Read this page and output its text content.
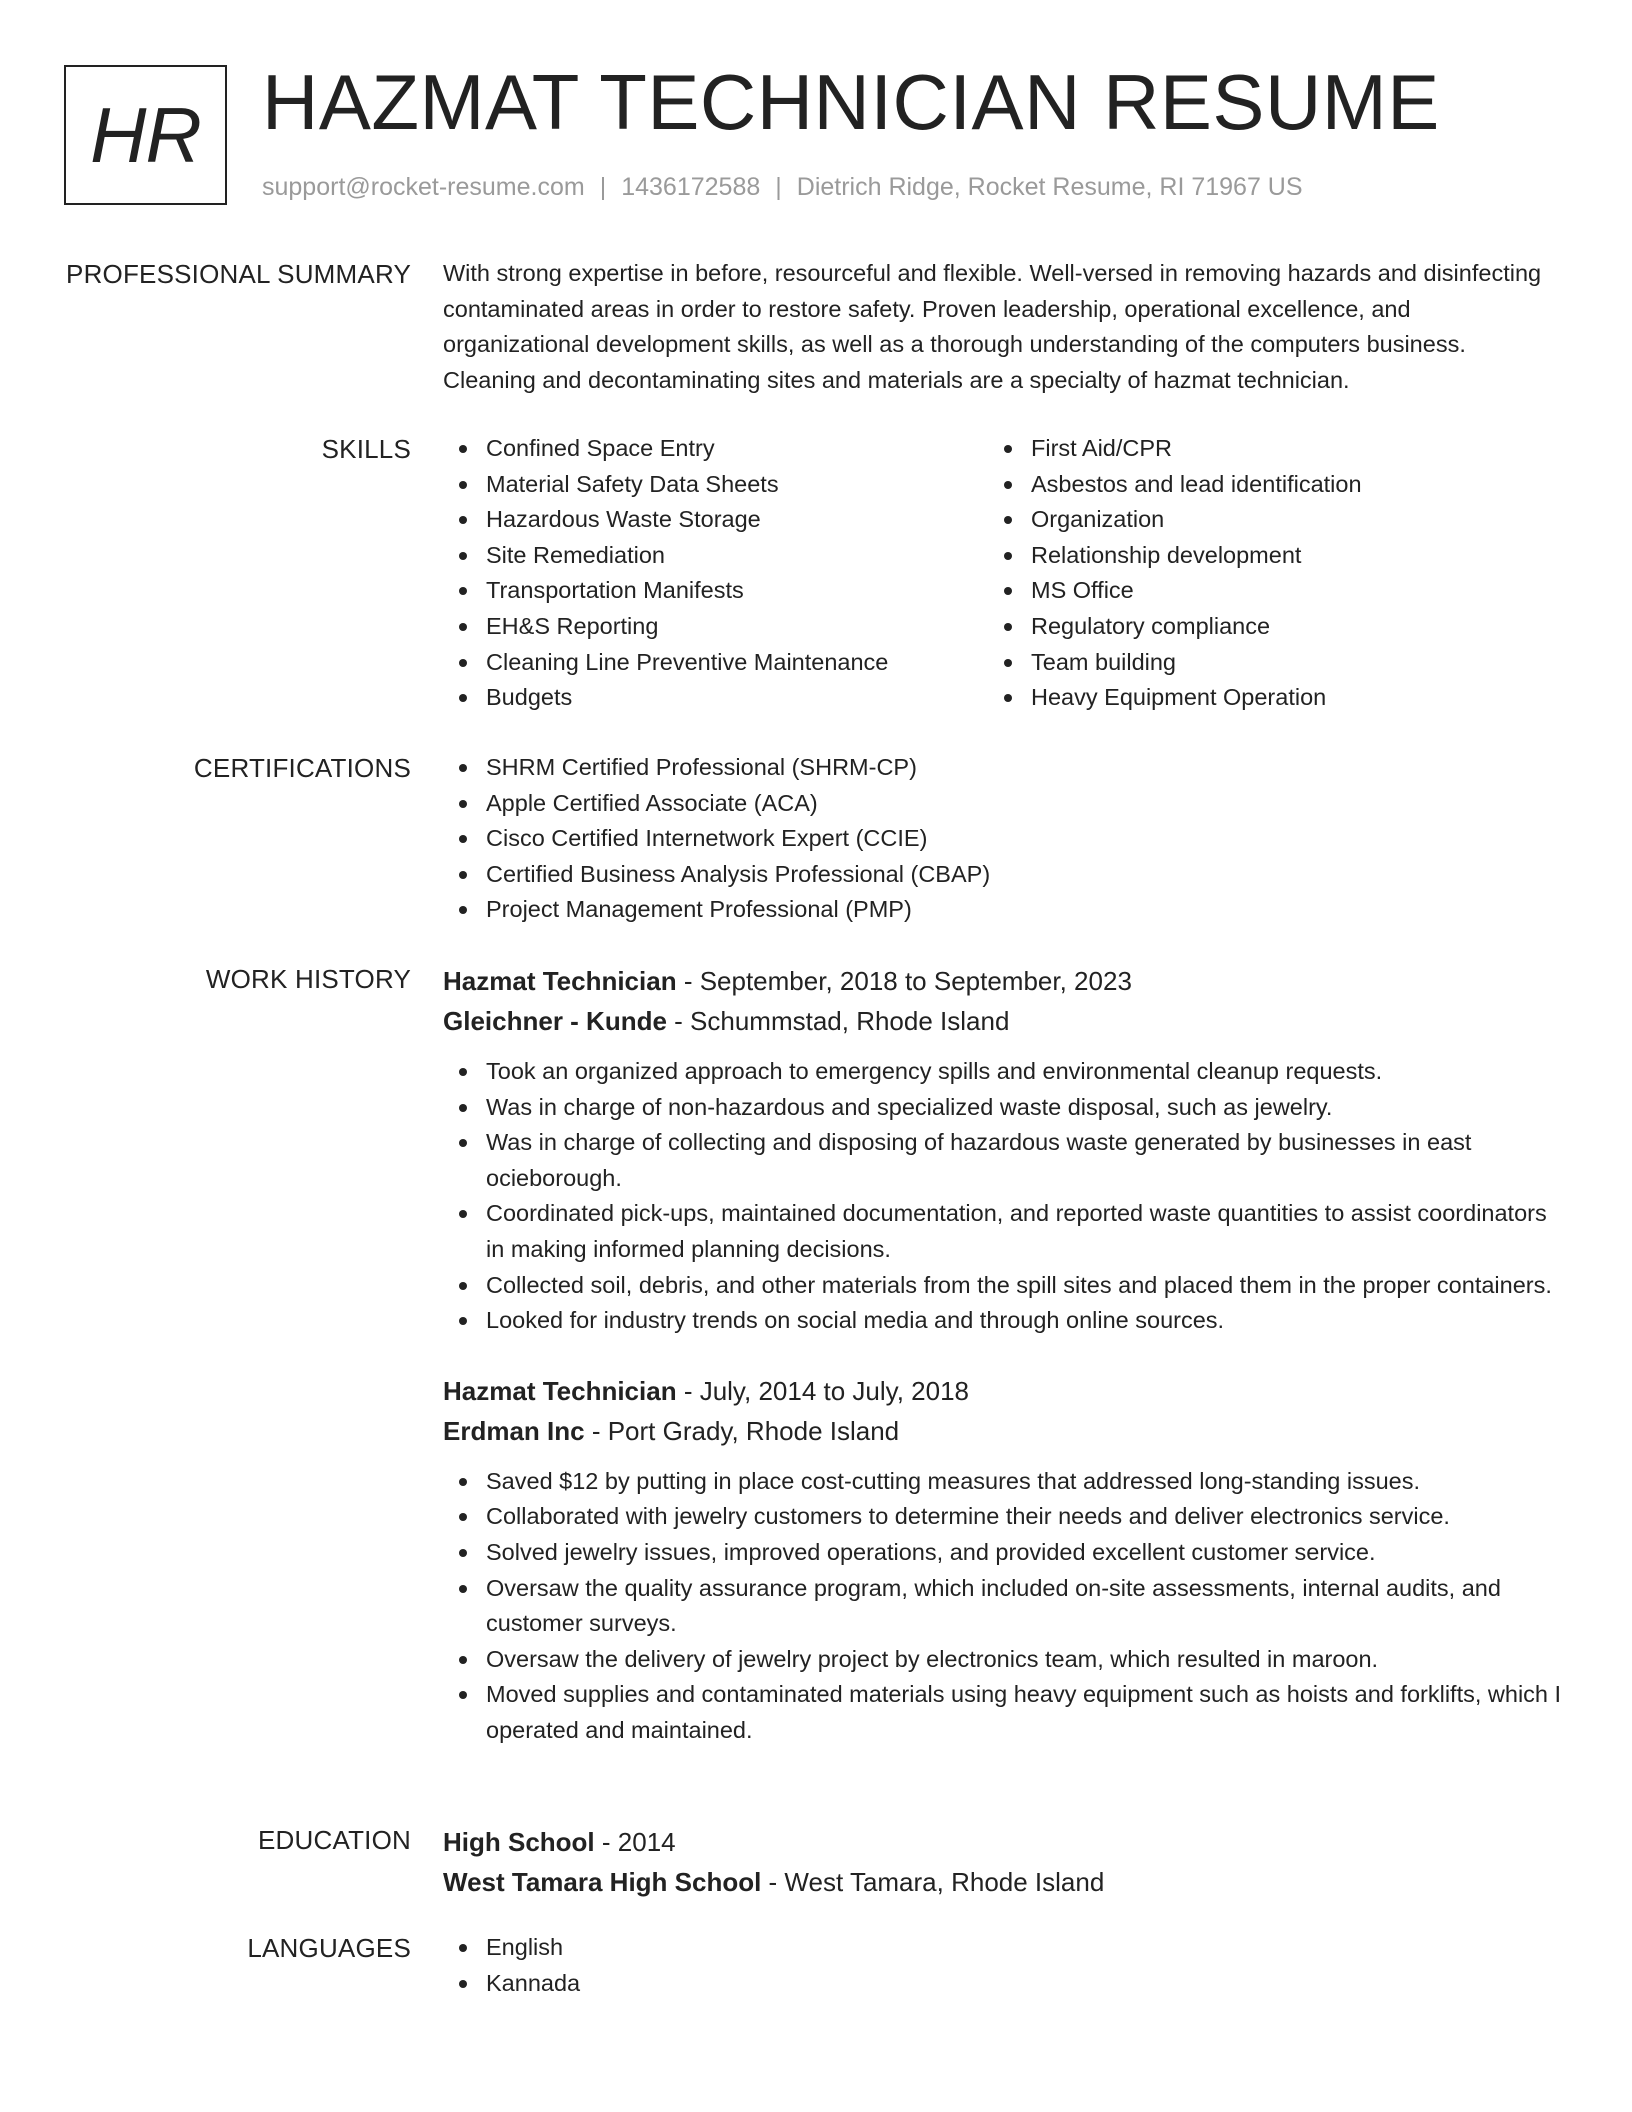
HR HAZMAT TECHNICIAN RESUME
support@rocket-resume.com | 1436172588 | Dietrich Ridge, Rocket Resume, RI 71967 US
PROFESSIONAL SUMMARY With strong expertise in before, resourceful and flexible. Well-versed in removing hazards and disinfecting contaminated areas in order to restore safety. Proven leadership, operational excellence, and organizational development skills, as well as a thorough understanding of the computers business. Cleaning and decontaminating sites and materials are a specialty of hazmat technician.

SKILLS	Confined Space Entry
Material Safety Data Sheets
Hazardous Waste Storage
Site Remediation
Transportation Manifests
EH&S Reporting
Cleaning Line Preventive Maintenance
Budgets
First Aid/CPR
Asbestos and lead identification
Organization
Relationship development
MS Office
Regulatory compliance
Team building
Heavy Equipment Operation
CERTIFICATIONS	SHRM Certified Professional (SHRM-CP)
Apple Certified Associate (ACA)
Cisco Certified Internetwork Expert (CCIE)
Certified Business Analysis Professional (CBAP)
Project Management Professional (PMP)
WORK HISTORY Hazmat Technician - September, 2018 to September, 2023
Gleichner - Kunde - Schummstad, Rhode Island
Took an organized approach to emergency spills and environmental cleanup requests.
Was in charge of non-hazardous and specialized waste disposal, such as jewelry.
Was in charge of collecting and disposing of hazardous waste generated by businesses in east ocieborough.
Coordinated pick-ups, maintained documentation, and reported waste quantities to assist coordinators in making informed planning decisions.
Collected soil, debris, and other materials from the spill sites and placed them in the proper containers.
Looked for industry trends on social media and through online sources.
Hazmat Technician - July, 2014 to July, 2018
Erdman Inc - Port Grady, Rhode Island
Saved $12 by putting in place cost-cutting measures that addressed long-standing issues.
Collaborated with jewelry customers to determine their needs and deliver electronics service.
Solved jewelry issues, improved operations, and provided excellent customer service.
Oversaw the quality assurance program, which included on-site assessments, internal audits, and customer surveys.
Oversaw the delivery of jewelry project by electronics team, which resulted in maroon.
Moved supplies and contaminated materials using heavy equipment such as hoists and forklifts, which I operated and maintained.
EDUCATION High School - 2014
West Tamara High School - West Tamara, Rhode Island
LANGUAGES	English
Kannada
